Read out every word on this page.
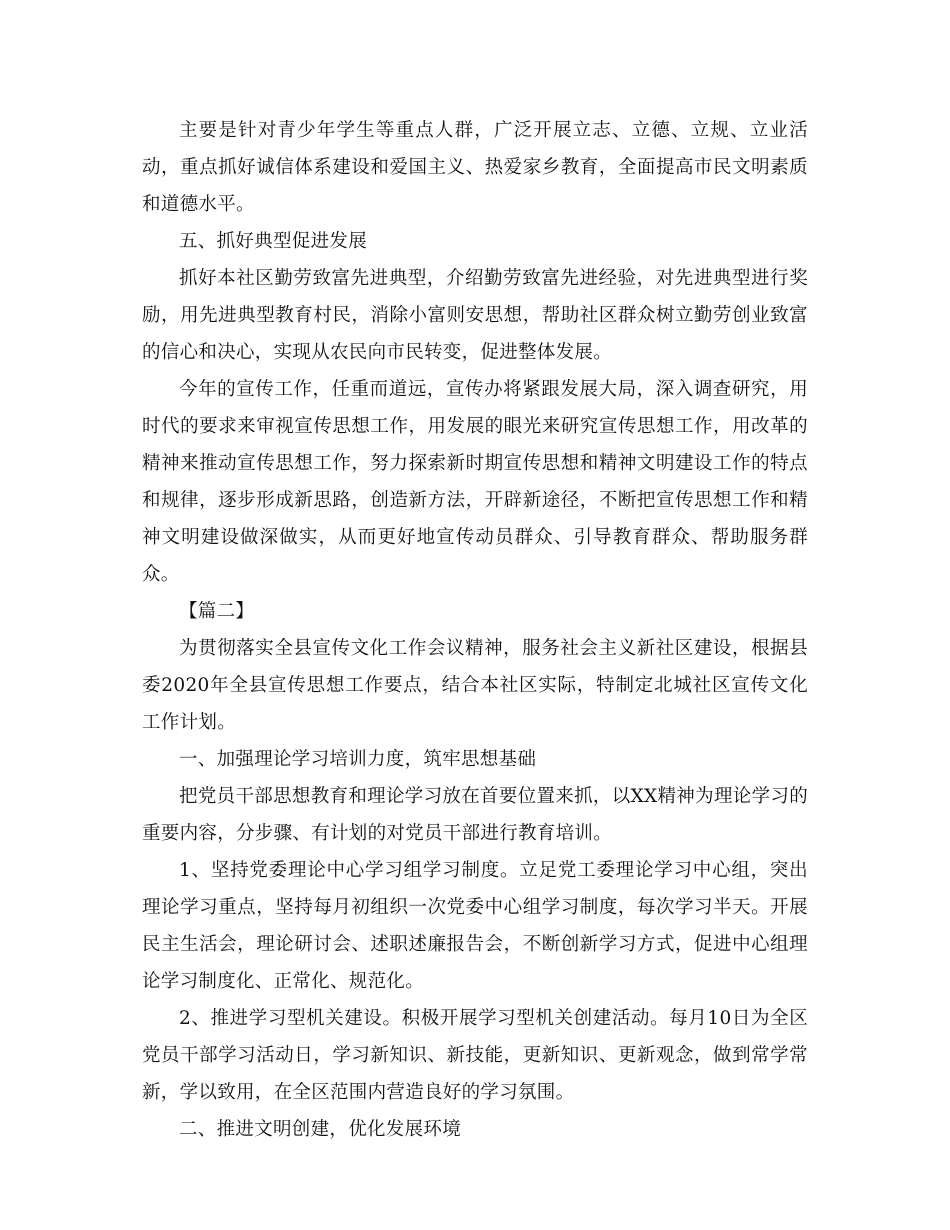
主要是针对青少年学生等重点人群，广泛开展立志、立德、立规、立业活动，重点抓好诚信体系建设和爱国主义、热爱家乡教育，全面提高市民文明素质和道德水平。

五、抓好典型促进发展

抓好本社区勤劳致富先进典型，介绍勤劳致富先进经验，对先进典型进行奖励，用先进典型教育村民，消除小富则安思想，帮助社区群众树立勤劳创业致富的信心和决心，实现从农民向市民转变，促进整体发展。

今年的宣传工作，任重而道远，宣传办将紧跟发展大局，深入调查研究，用时代的要求来审视宣传思想工作，用发展的眼光来研究宣传思想工作，用改革的精神来推动宣传思想工作，努力探索新时期宣传思想和精神文明建设工作的特点和规律，逐步形成新思路，创造新方法，开辟新途径，不断把宣传思想工作和精神文明建设做深做实，从而更好地宣传动员群众、引导教育群众、帮助服务群众。

【篇二】

为贯彻落实全县宣传文化工作会议精神，服务社会主义新社区建设，根据县委2020年全县宣传思想工作要点，结合本社区实际，特制定北城社区宣传文化工作计划。

一、加强理论学习培训力度，筑牢思想基础

把党员干部思想教育和理论学习放在首要位置来抓，以XX精神为理论学习的重要内容，分步骤、有计划的对党员干部进行教育培训。

1、坚持党委理论中心学习组学习制度。立足党工委理论学习中心组，突出理论学习重点，坚持每月初组织一次党委中心组学习制度，每次学习半天。开展民主生活会，理论研讨会、述职述廉报告会，不断创新学习方式，促进中心组理论学习制度化、正常化、规范化。

2、推进学习型机关建设。积极开展学习型机关创建活动。每月10日为全区党员干部学习活动日，学习新知识、新技能，更新知识、更新观念，做到常学常新，学以致用，在全区范围内营造良好的学习氛围。

二、推进文明创建，优化发展环境
